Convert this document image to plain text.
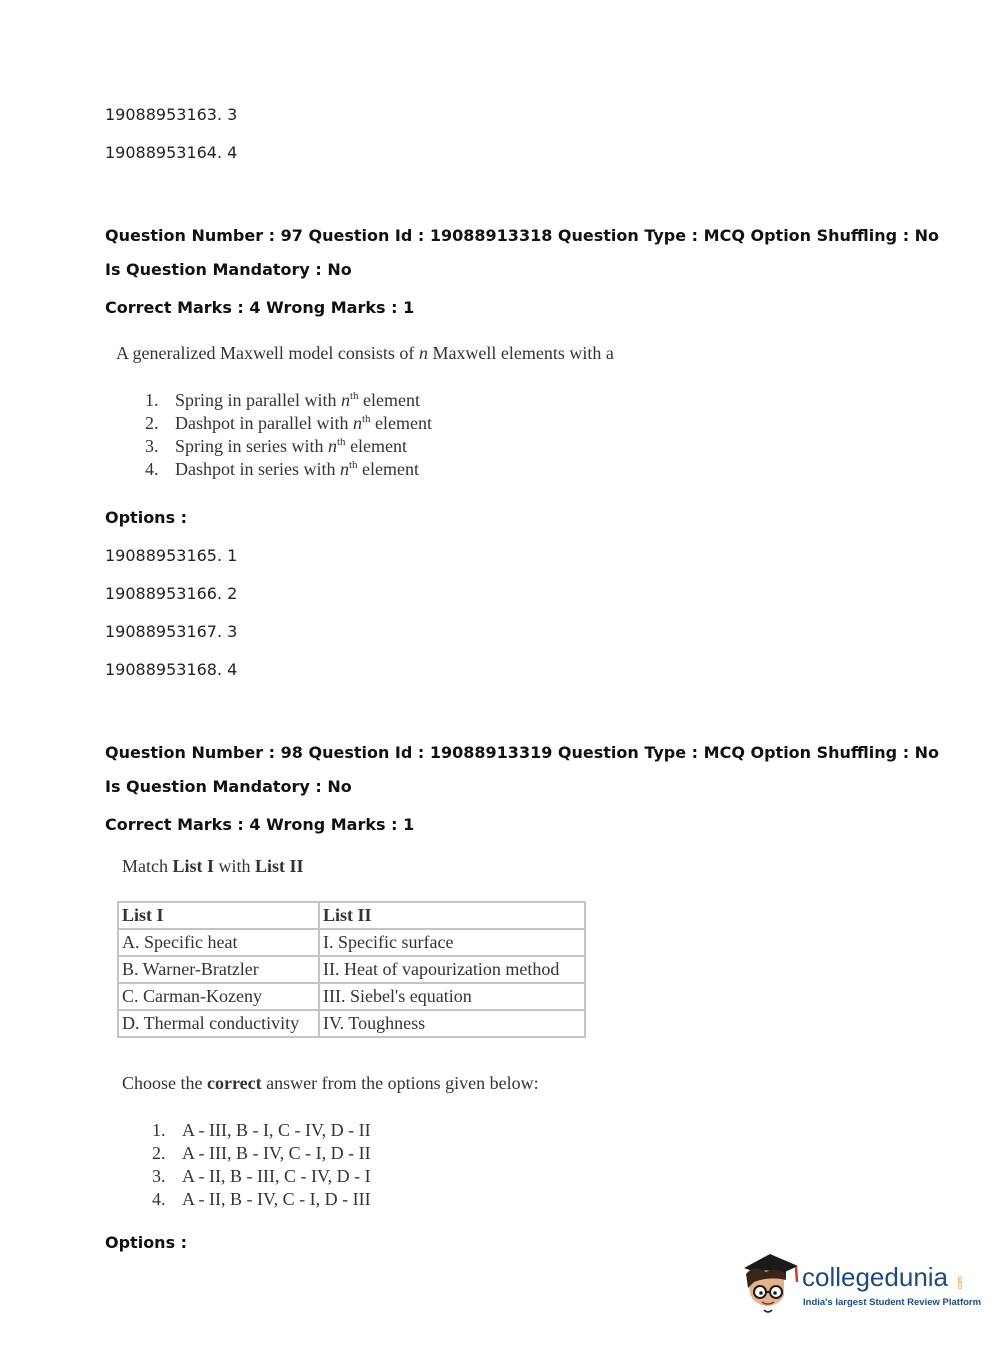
19088953163. 3
19088953164. 4
Question Number : 97 Question Id : 19088913318 Question Type : MCQ Option Shuffling : No
Is Question Mandatory : No
Correct Marks : 4 Wrong Marks : 1
A generalized Maxwell model consists of n Maxwell elements with a
1. Spring in parallel with $n^{th}$ element
2. Dashpot in parallel with $n^{th}$ element
3. Spring in series with $n^{th}$ element
4. Dashpot in series with $n^{th}$ element
Options :
19088953165. 1
19088953166. 2
19088953167. 3
19088953168. 4
Question Number : 98 Question Id : 19088913319 Question Type : MCQ Option Shuffling : No
Is Question Mandatory : No
Correct Marks : 4 Wrong Marks : 1
Match List I with List II
List I	List II
A. Specific heat	I. Specific surface
B. Warner-Bratzler	II. Heat of vapourization method
C. Carman-Kozeny	III. Siebel's equation
D. Thermal conductivity	IV. Toughness
Choose the correct answer from the options given below:
1. A - III, B - I, C - IV, D - II
2. A - III, B - IV, C - I, D - II
3. A - II, B - III, C - IV, D - I
4. A - II, B - IV, C - I, D - III
Options :
collegedunia .com
India's largest Student Review Platform
